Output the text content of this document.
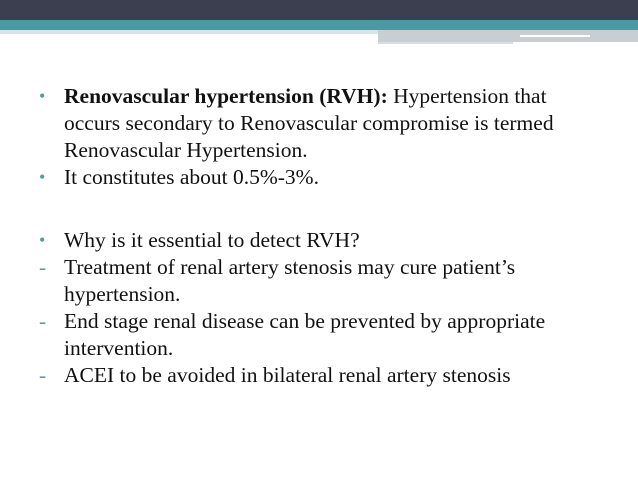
• Renovascular hypertension (RVH): Hypertension that occurs secondary to Renovascular compromise is termed Renovascular Hypertension.
• It constitutes about 0.5%-3%.
• Why is it essential to detect RVH?
- Treatment of renal artery stenosis may cure patient’s hypertension.
- End stage renal disease can be prevented by appropriate intervention.
- ACEI to be avoided in bilateral renal artery stenosis
